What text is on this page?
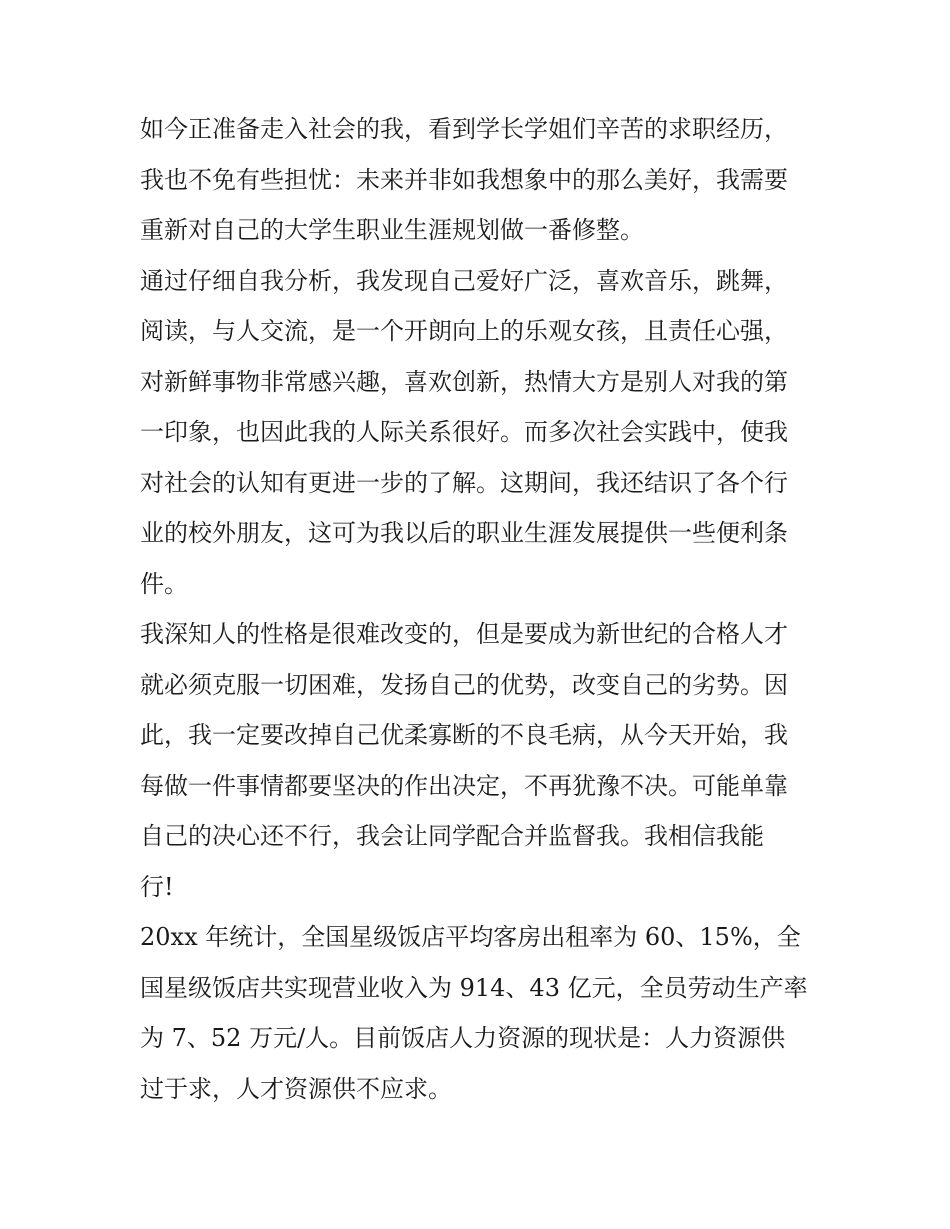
如今正准备走入社会的我，看到学长学姐们辛苦的求职经历，
我也不免有些担忧：未来并非如我想象中的那么美好，我需要
重新对自己的大学生职业生涯规划做一番修整。

通过仔细自我分析，我发现自己爱好广泛，喜欢音乐，跳舞，
阅读，与人交流，是一个开朗向上的乐观女孩，且责任心强，
对新鲜事物非常感兴趣，喜欢创新，热情大方是别人对我的第
一印象，也因此我的人际关系很好。而多次社会实践中，使我
对社会的认知有更进一步的了解。这期间，我还结识了各个行
业的校外朋友，这可为我以后的职业生涯发展提供一些便利条
件。

我深知人的性格是很难改变的，但是要成为新世纪的合格人才
就必须克服一切困难，发扬自己的优势，改变自己的劣势。因
此，我一定要改掉自己优柔寡断的不良毛病，从今天开始，我
每做一件事情都要坚决的作出决定，不再犹豫不决。可能单靠
自己的决心还不行，我会让同学配合并监督我。我相信我能
行!

20xx 年统计，全国星级饭店平均客房出租率为 60、15%，全
国星级饭店共实现营业收入为 914、43 亿元，全员劳动生产率
为 7、52 万元/人。目前饭店人力资源的现状是：人力资源供
过于求，人才资源供不应求。
